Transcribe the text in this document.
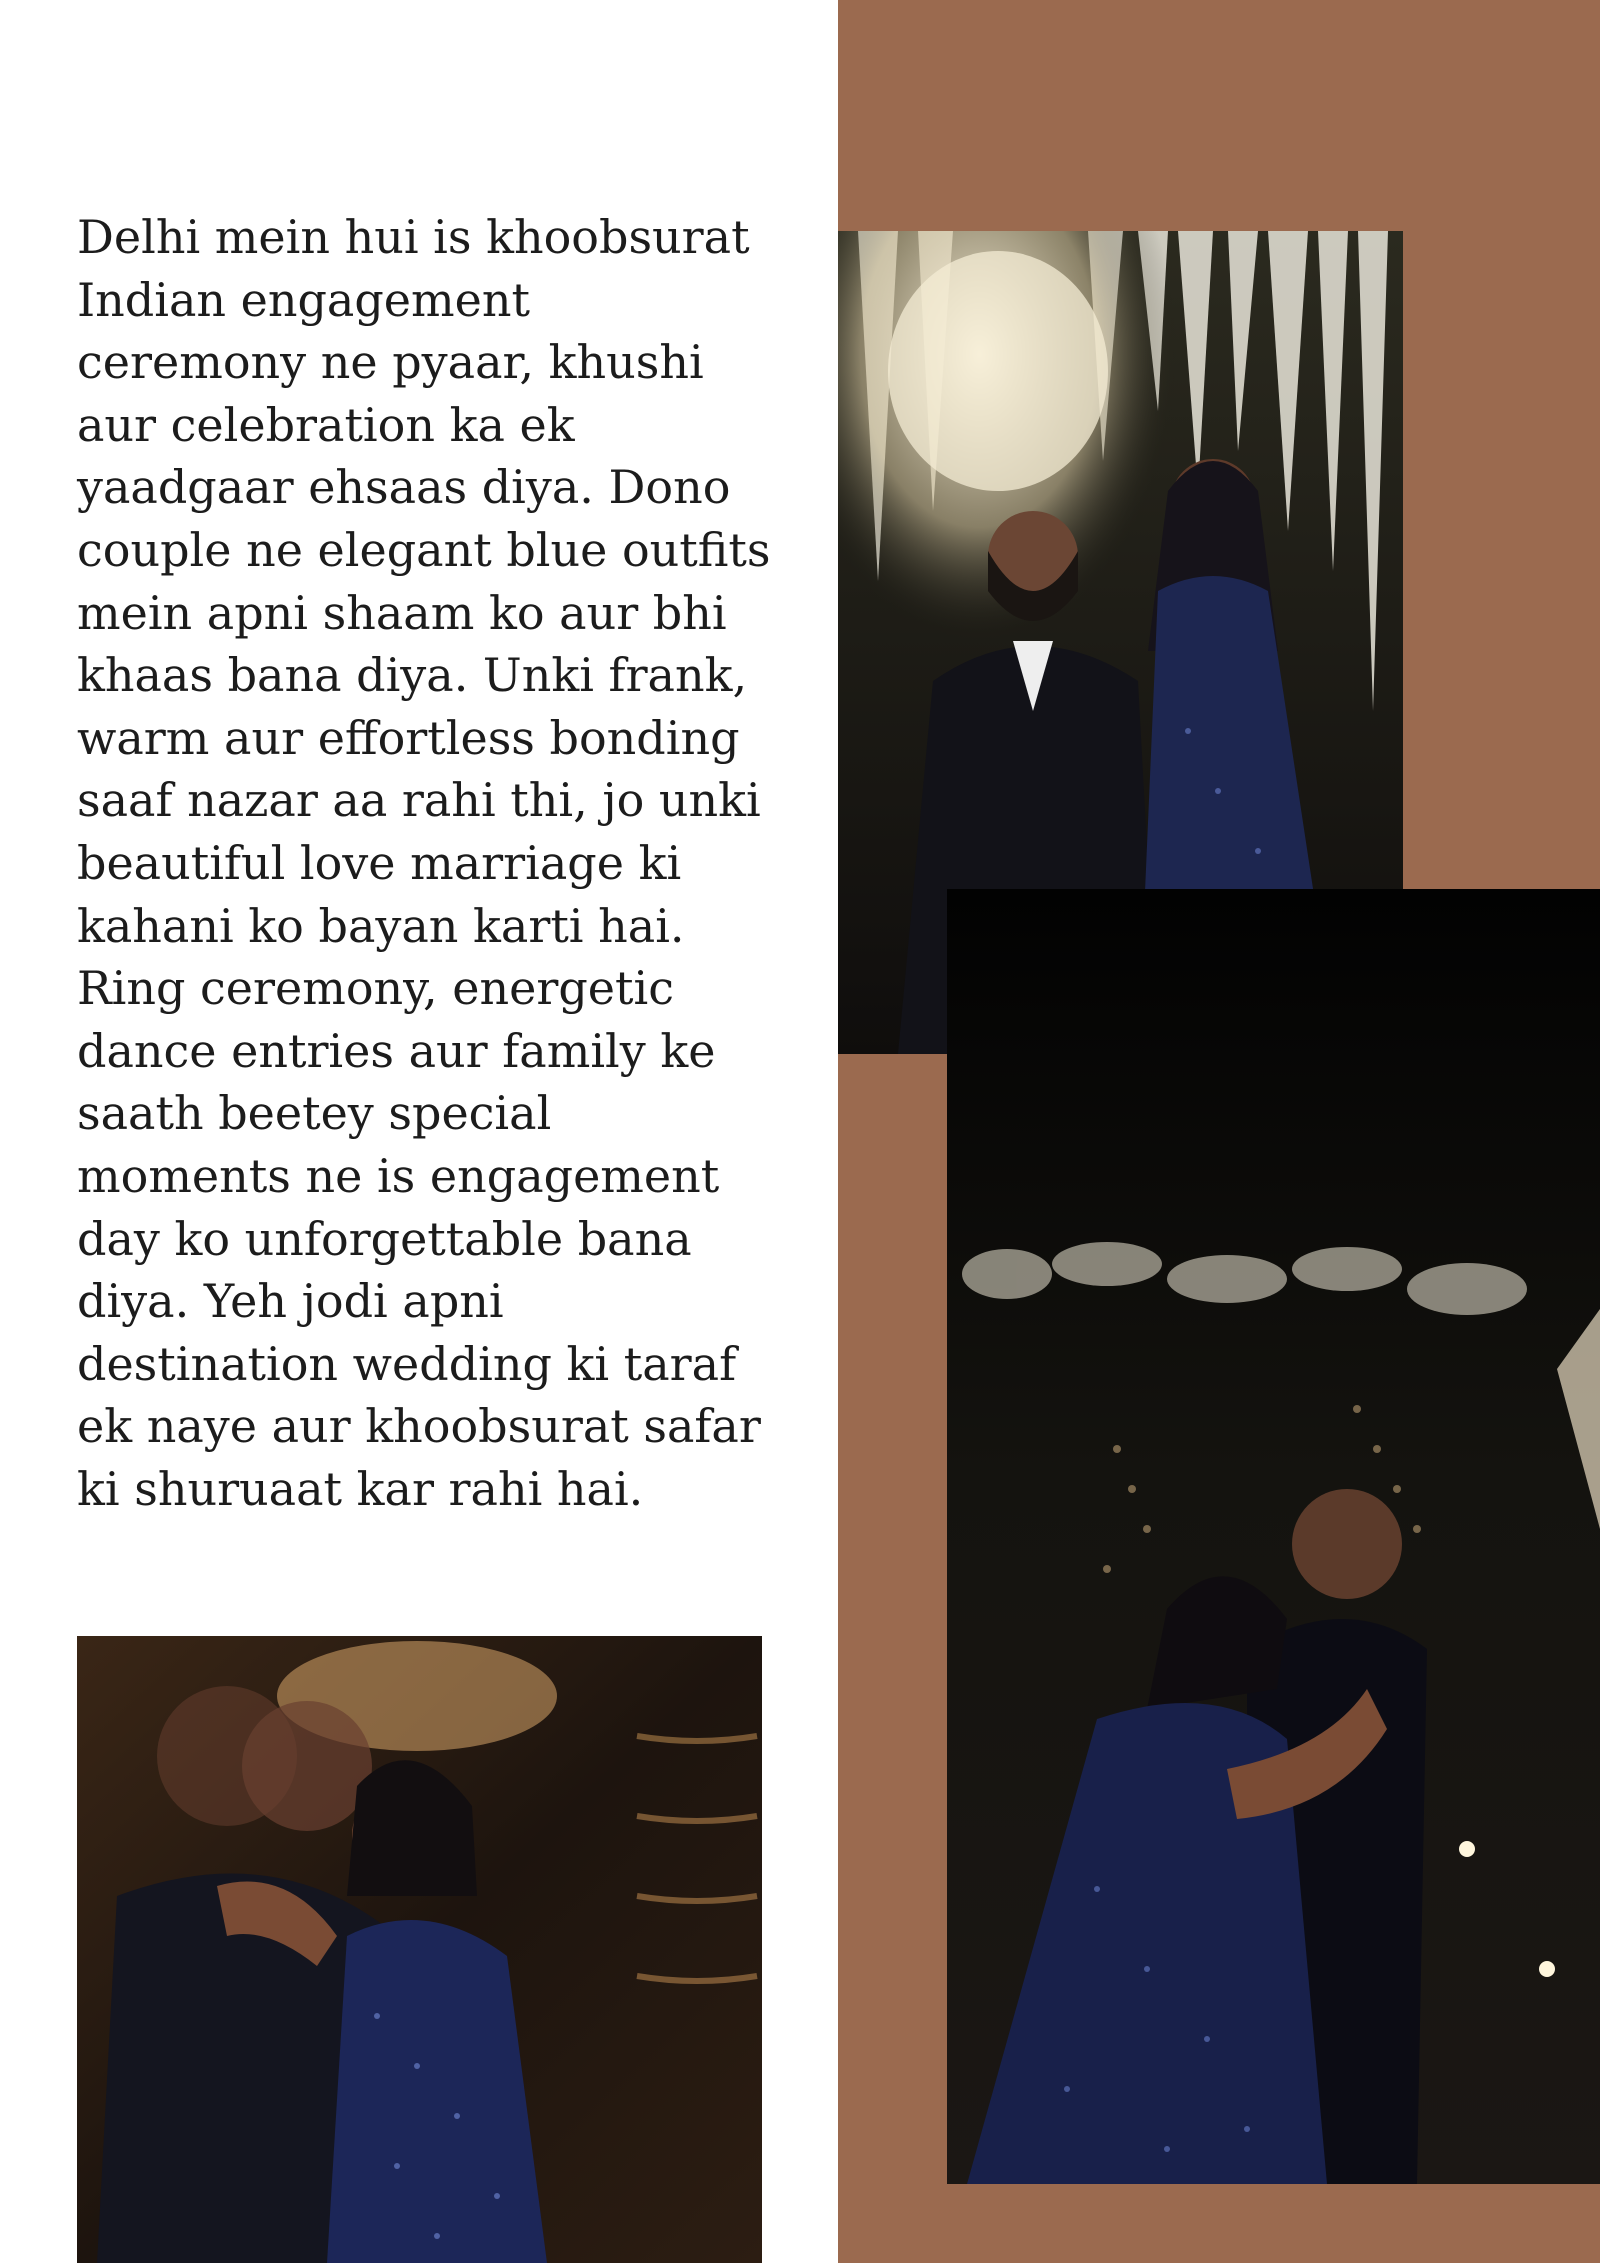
Delhi mein hui is khoobsurat
Indian engagement
ceremony ne pyaar, khushi
aur celebration ka ek
yaadgaar ehsaas diya. Dono
couple ne elegant blue outfits
mein apni shaam ko aur bhi
khaas bana diya. Unki frank,
warm aur effortless bonding
saaf nazar aa rahi thi, jo unki
beautiful love marriage ki
kahani ko bayan karti hai.
Ring ceremony, energetic
dance entries aur family ke
saath beetey special
moments ne is engagement
day ko unforgettable bana
diya. Yeh jodi apni
destination wedding ki taraf
ek naye aur khoobsurat safar
ki shuruaat kar rahi hai.
